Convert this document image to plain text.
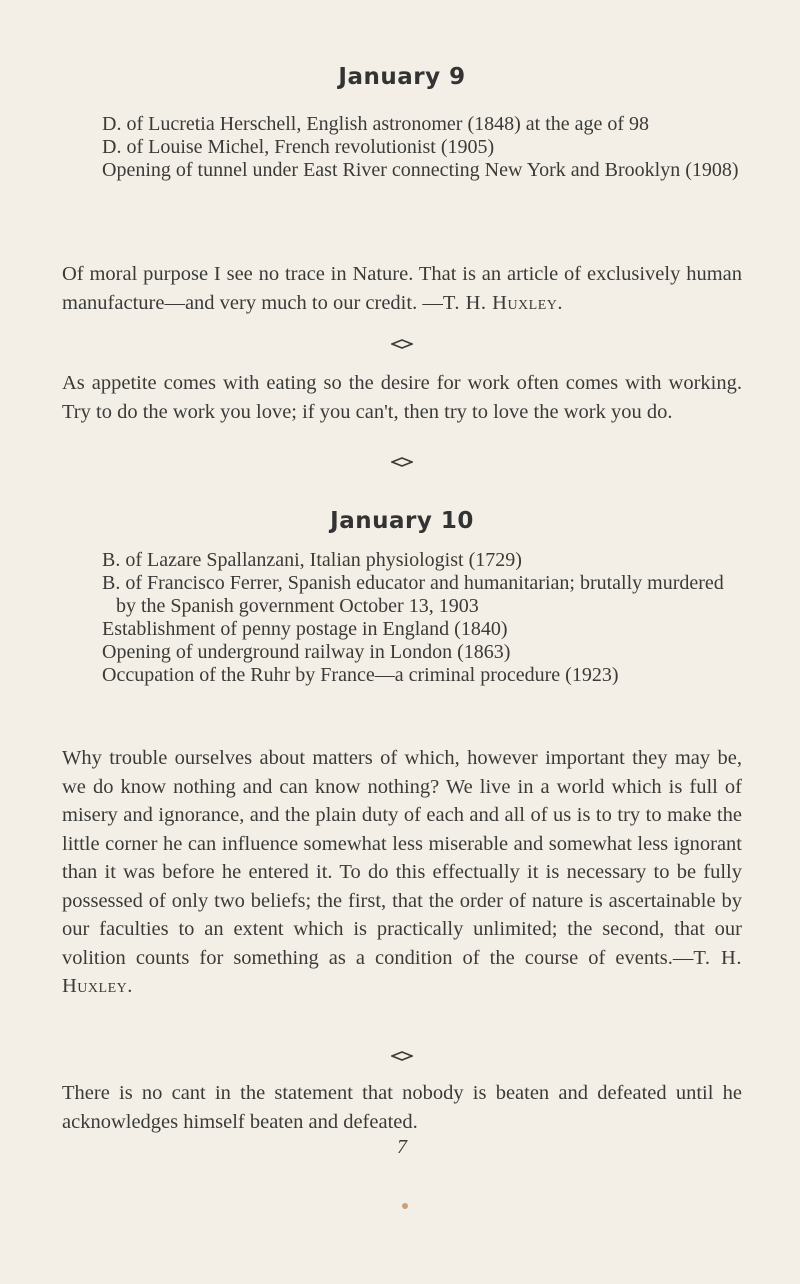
January 9

D. of Lucretia Herschell, English astronomer (1848) at the age of 98

D. of Louise Michel, French revolutionist (1905)

Opening of tunnel under East River connecting New York and Brooklyn (1908)

Of moral purpose I see no trace in Nature. That is an article of exclusively human manufacture—and very much to our credit. —T. H. Huxley.

As appetite comes with eating so the desire for work often comes with working. Try to do the work you love; if you can't, then try to love the work you do.

January 10

B. of Lazare Spallanzani, Italian physiologist (1729)

B. of Francisco Ferrer, Spanish educator and humanitarian; brutally murdered by the Spanish government October 13, 1903

Establishment of penny postage in England (1840)

Opening of underground railway in London (1863)

Occupation of the Ruhr by France—a criminal procedure (1923)

Why trouble ourselves about matters of which, however important they may be, we do know nothing and can know nothing? We live in a world which is full of misery and ignorance, and the plain duty of each and all of us is to try to make the little corner he can influence somewhat less miserable and somewhat less ignorant than it was before he entered it. To do this effectually it is necessary to be fully possessed of only two beliefs; the first, that the order of nature is ascertainable by our faculties to an extent which is practically unlimited; the second, that our volition counts for something as a condition of the course of events.—T. H. Huxley.

There is no cant in the statement that nobody is beaten and defeated until he acknowledges himself beaten and defeated.

7
